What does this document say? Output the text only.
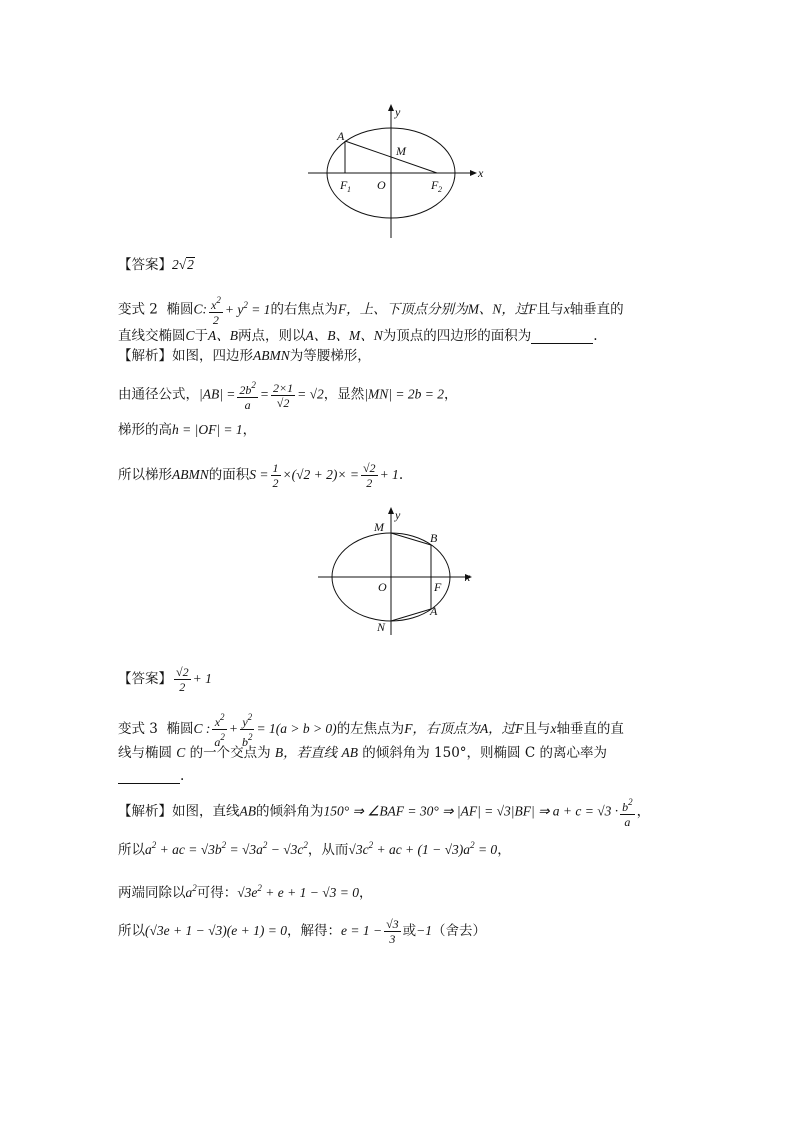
A
M
O
F 1	F 2
x
y
【答案】2√2
变式 2 椭圆C: $\frac{x^2}{2} + y^2 = 1$的右焦点为F，上、下顶点分别为M、N，过F且与x轴垂直的
直线交椭圆C于A、B两点，则以A、B、M、N为顶点的四边形的面积为	.
【解析】如图，四边形ABMN为等腰梯形，
由通径公式，$|AB| = \frac{2b^2}{a} = \frac{2\times 1}{√2} = √2$，显然|MN| = 2b = 2，
梯形的高h = |OF| = 1，
所以梯形ABMN的面积$S = \frac{1}{2} \times(√2 + 2)\times = \frac{√2}{2} + 1$.
M
B
O	F
A
N
x
y
【答案】 $\frac{√2}{2} + 1$
变式 3 椭圆C : $\frac{x^2}{a^2} + \frac{y^2}{b^2} = 1(a > b > 0)$的左焦点为F，右顶点为A，过F且与x轴垂直的直
线与椭圆 C 的一个交点为 B，若直线 AB 的倾斜角为 150°，则椭圆 C 的离心率为
.
【解析】如图，直线AB的倾斜角为150° ⇒ ∠BAF = 30° ⇒ |AF| = √3|BF| ⇒ $a + c = √3 \cdot \frac{b^2}{a}$ ，
所以$a^2$ + ac = $√3b^2 = √3a^2 - √3c^2$，从而$√3c^2$ + ac + $(1 - √3)a^2 = 0$，
两端同除以$a^2$可得：$√3e^2 + e + 1 - √3 = 0$，
所以(√3e + 1 − √3)(e + 1) = 0，解得：$e = 1 - \frac{√3}{3}$ 或−1（舍去）
